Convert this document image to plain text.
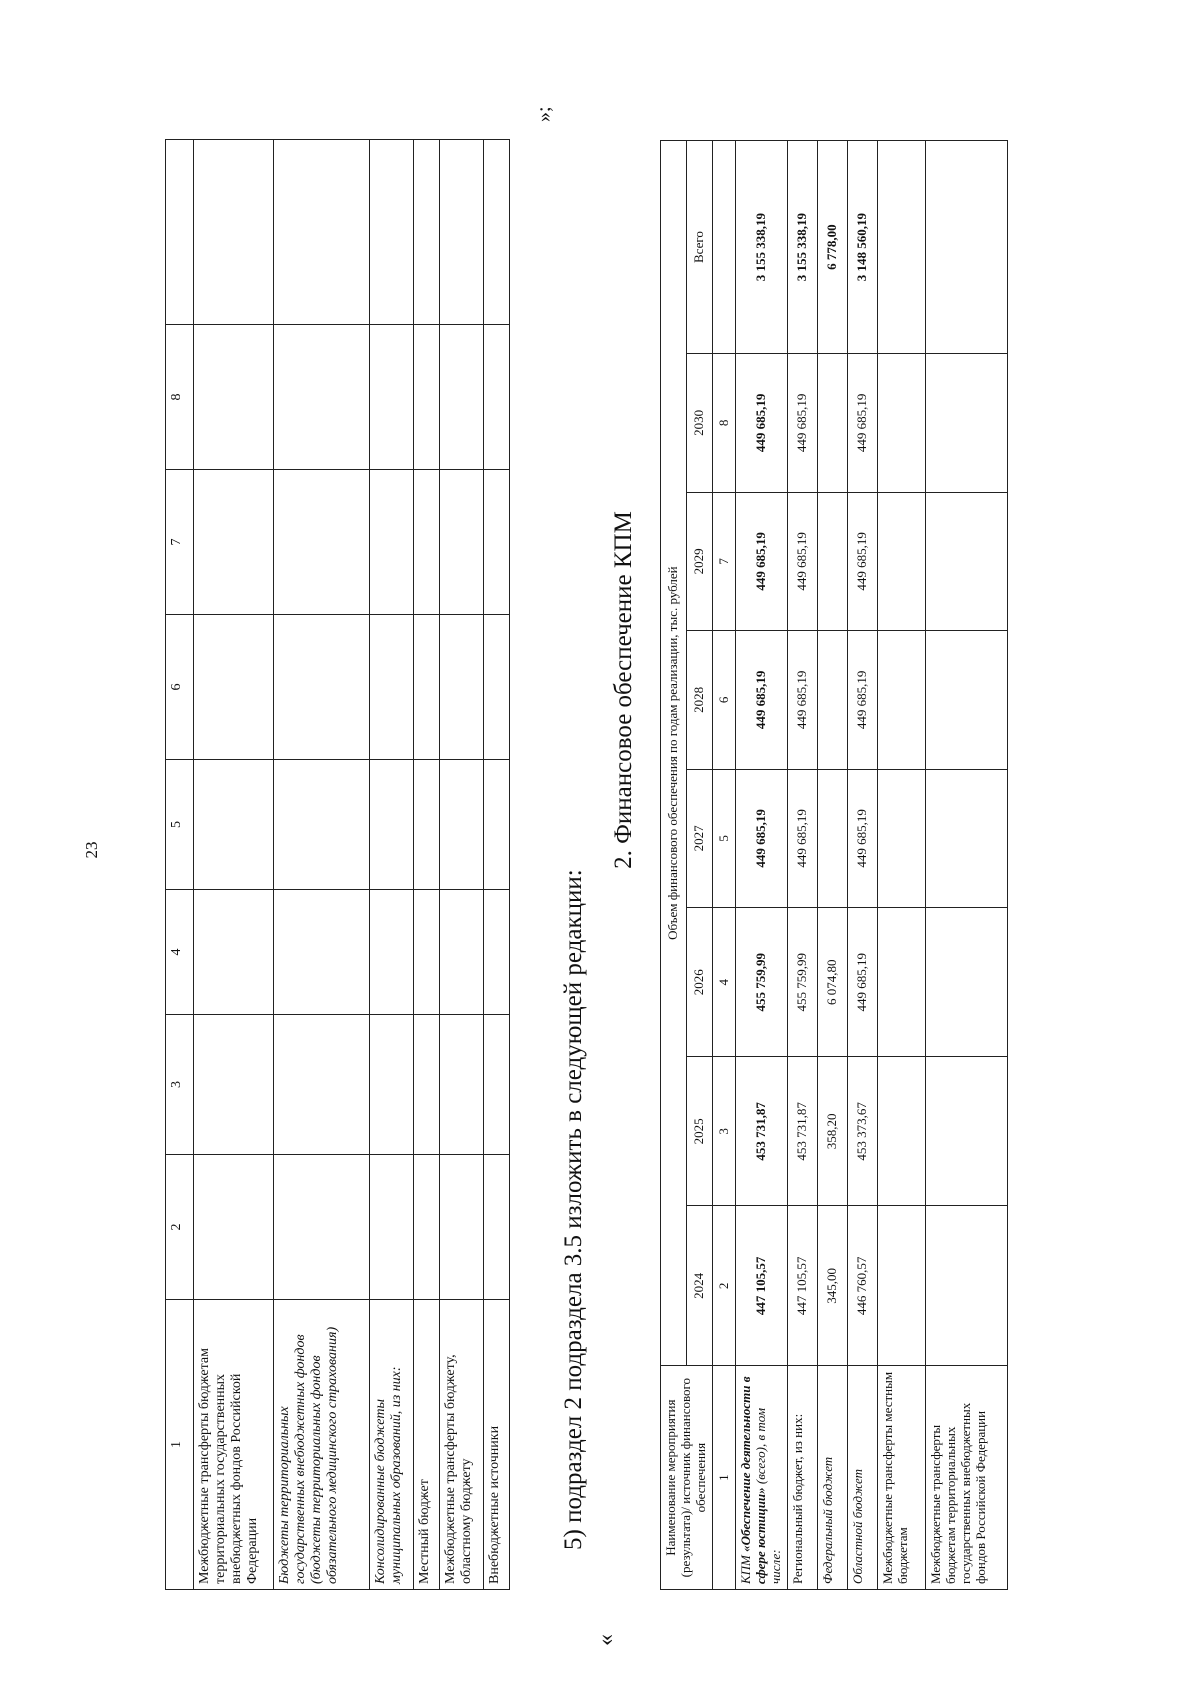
23
1	2	3	4	5	6	7	8	
Межбюджетные трансферты бюджетам территориальных государственных внебюджетных фондов Российской Федерации								
Бюджеты территориальных государственных внебюджетных фондов (бюджеты территориальных фондов обязательного медицинского страхования)								
Консолидированные бюджеты муниципальных образований, из них:								
Местный бюджет								
Межбюджетные трансферты бюджету, областному бюджету								
Внебюджетные источники								
»;
5) подраздел 2 подраздела 3.5 изложить в следующей редакции:
«
2. Финансовое обеспечение КПМ
Наименование мероприятия (результата)/ источник финансового обеспечения	Объем финансового обеспечения по годам реализации, тыс. рублей							
	2024	2025	2026	2027	2028	2029	2030	Всего
1	2	3	4	5	6	7	8	
КПМ «Обеспечение деятельности в сфере юстиции» (всего), в том числе:	447 105,57	453 731,87	455 759,99	449 685,19	449 685,19	449 685,19	449 685,19	3 155 338,19
Региональный бюджет, из них:	447 105,57	453 731,87	455 759,99	449 685,19	449 685,19	449 685,19	449 685,19	3 155 338,19
Федеральный бюджет	345,00	358,20	6 074,80					6 778,00
Областной бюджет	446 760,57	453 373,67	449 685,19	449 685,19	449 685,19	449 685,19	449 685,19	3 148 560,19
Межбюджетные трансферты местным бюджетам								
Межбюджетные трансферты бюджетам территориальных государственных внебюджетных фондов Российской Федерации								
